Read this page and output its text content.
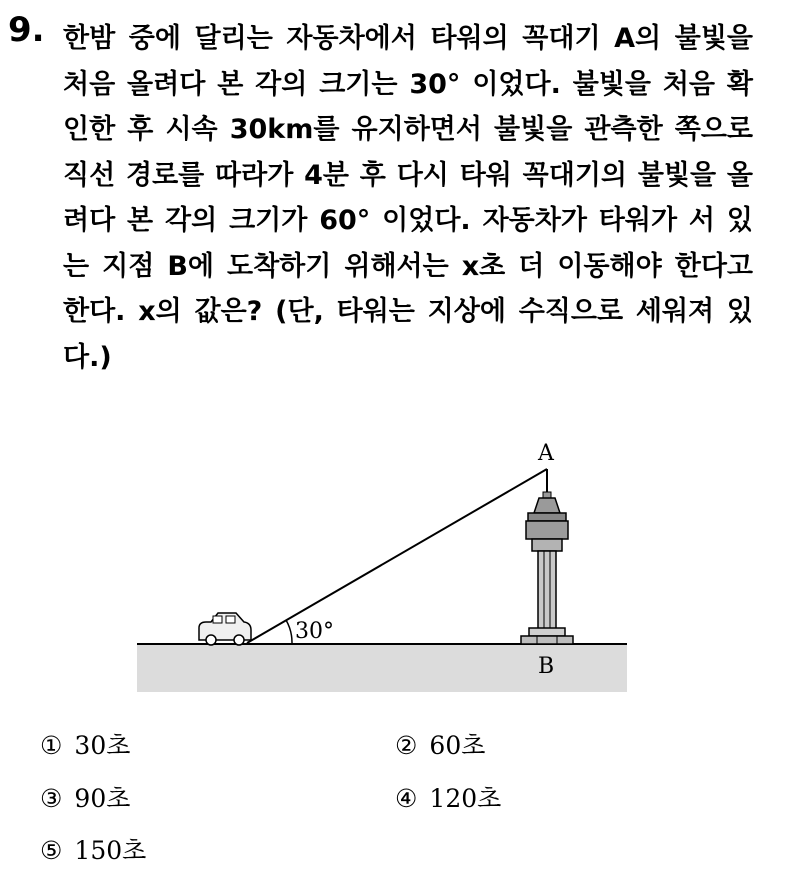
9. 한밤 중에 달리는 자동차에서 타워의 꼭대기 A의 불빛을 처음 올려다 본 각의 크기는 30° 이었다. 불빛을 처음 확인한 후 시속 30km를 유지하면서 불빛을 관측한 쪽으로 직선 경로를 따라가 4분 후 다시 타워 꼭대기의 불빛을 올려다 본 각의 크기가 60° 이었다. 자동차가 타워가 서 있는 지점 B에 도착하기 위해서는 x초 더 이동해야 한다고 한다. x의 값은? (단, 타워는 지상에 수직으로 세워져 있다.)
30°
A
B
① 30초	② 60초
③ 90초	④ 120초
⑤ 150초
